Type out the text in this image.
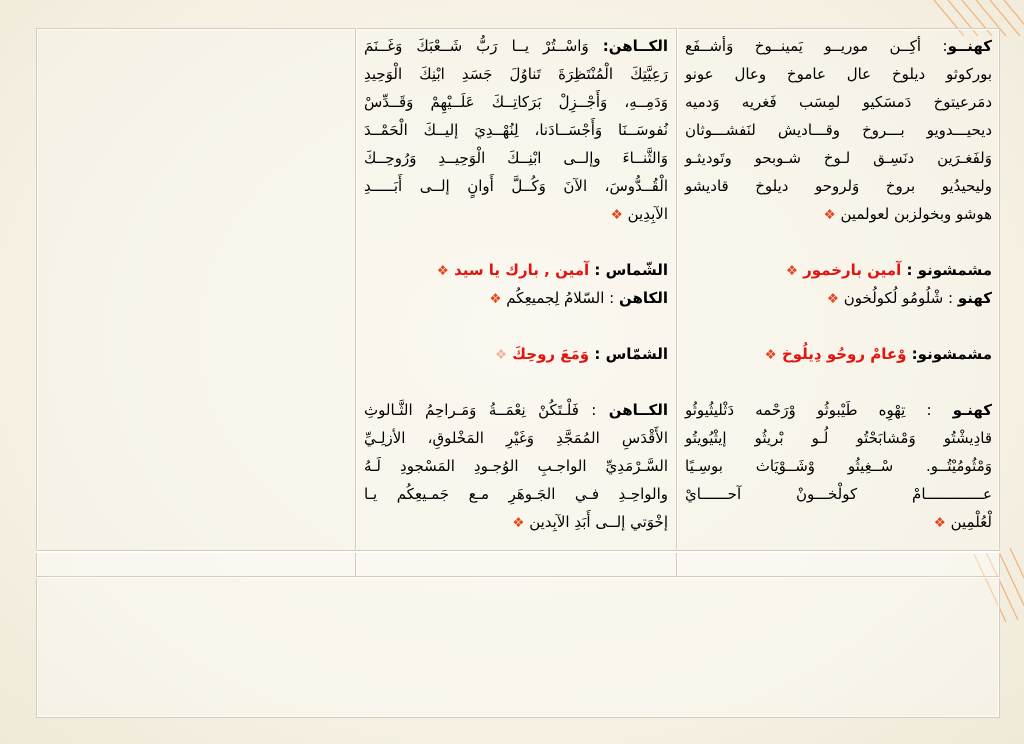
الكــاهن: وَاسْــتُرْ يــا رَبُّ شَــعْبَكَ وَغَــنَمَ
رَعِيَّتِكَ الْمُنْتَظِرَةَ تَناوُلَ جَسَدِ ابْنِكَ الْوَحِيدِ
وَدَمِــهِ، وَأَجْــزِلْ بَرَكاتِــكَ عَلَــيْهِمْ وَقَــدِّسْ
نُفوسَــنَا وَأَجْسَــادَنا، لِنُهْــدِيَ إليــكَ الْحَمْــدَ
وَالثَّنــاءَ وإلــى ابْنِــكَ الْوَحِيــدِ وَرُوحِــكَ
الْقُــدُّوسَ، الآنَ وَكُــلَّ أَوانٍ إلــى أَبَـــــدِ
الآبِدِين ❖
الشّماس : آمين , بارك يا سيد ❖
الكاهن : السّلامُ لِجميعِكُم ❖
الشمّاس : وَمَعَ روحِكَ ❖
الكــاهن : فَلْـتَكُنْ نِعْمَــةُ وَمَـراحِمُ الثَّـالوثِ
الأَقْدَسِ المُمَجَّدِ وَغَيْرِ المَخْلوقِ، الأزلِـيِّ
السَّـرْمَدِيِّ الواجـبِ الوُجـودِ المَسْجودِ لَـهُ
والواحِـدِ فـي الجَـوهَرِ مـع جَمـيعِكُم يـا
إخْوَتي إلــى أَبَدِ الآبِدين ❖
كهنــو: أكِــن موريــو يَمينــوخ وَأشــفَع
بوركوثو ديلوخ عال عاموخ وعال عونو
دمَرعيتوخ دَمسَكيو لمِسَب فَغريه وَدميه
ديحيـــدويو بـــروخ وقـــاديش لنَفشـــوثان
وَلفَغـرَين دنَسِـق لـوخ شـوبحو وتَوديثـو
وليحيدُيو بروخ وَلروحو ديلوخ قاديشو
هوشو وبخولزبن لعولمين ❖
مشمشونو : آمين بارخمور ❖
كهنو : شْلُومُو لُكولُخون ❖
مشمشونو: وْعامْ روحُو دِيلُوخ ❖
كهنـو : تِهْوِه طَيْبوثُو وْرَحْمه دَثْليثُيوثُو
قادِيشْتُو وَمْشابَحْتُو لُـو بْريثُو إيثْيُويتُو
وَمْثُومُيْتُــو. سْــغِيثُو وْشَــوْيَاث بوسِـيًا
عـــــــــــــامْ كولْخـــونْ آحــــــايْ
لْعُلْمِين ❖
